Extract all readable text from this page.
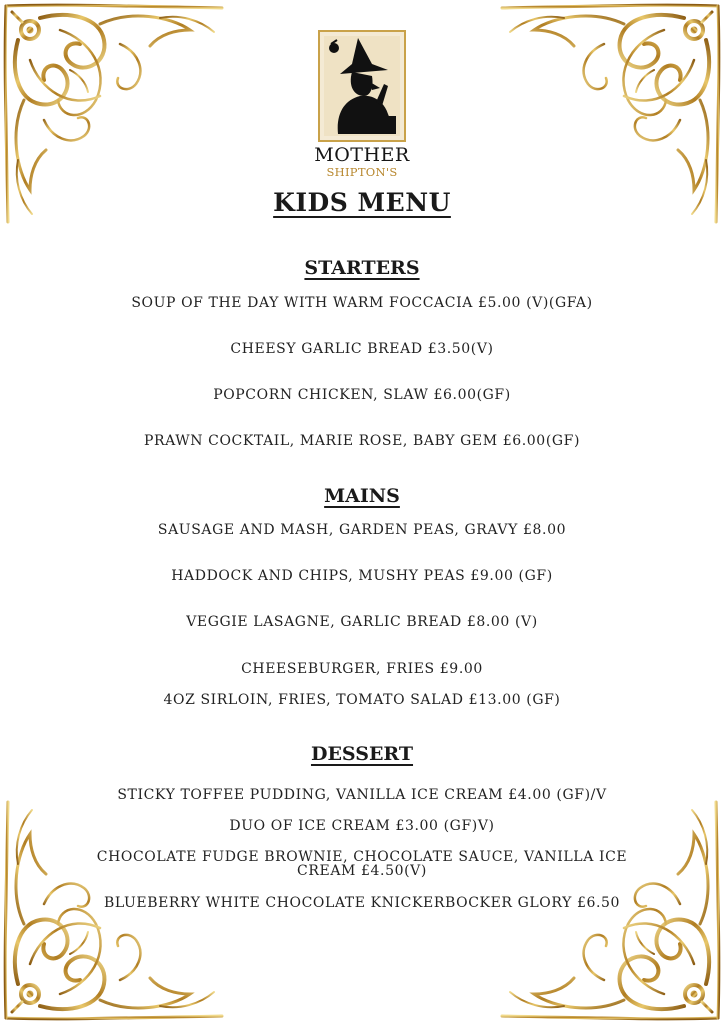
MOTHER
SHIPTON'S
KIDS MENU
STARTERS
SOUP OF THE DAY WITH WARM FOCCACIA £5.00 (V)(GFA)
CHEESY GARLIC BREAD £3.50(V)
POPCORN CHICKEN, SLAW £6.00(GF)
PRAWN COCKTAIL, MARIE ROSE, BABY GEM £6.00(GF)
MAINS
SAUSAGE AND MASH, GARDEN PEAS, GRAVY £8.00
HADDOCK AND CHIPS, MUSHY PEAS £9.00 (GF)
VEGGIE LASAGNE, GARLIC BREAD £8.00 (V)
CHEESEBURGER, FRIES £9.00
4OZ SIRLOIN, FRIES, TOMATO SALAD £13.00 (GF)
DESSERT
STICKY TOFFEE PUDDING, VANILLA ICE CREAM £4.00 (GF)/V
DUO OF ICE CREAM £3.00 (GF)V)
CHOCOLATE FUDGE BROWNIE, CHOCOLATE SAUCE, VANILLA ICE CREAM £4.50(V)
BLUEBERRY WHITE CHOCOLATE KNICKERBOCKER GLORY £6.50
